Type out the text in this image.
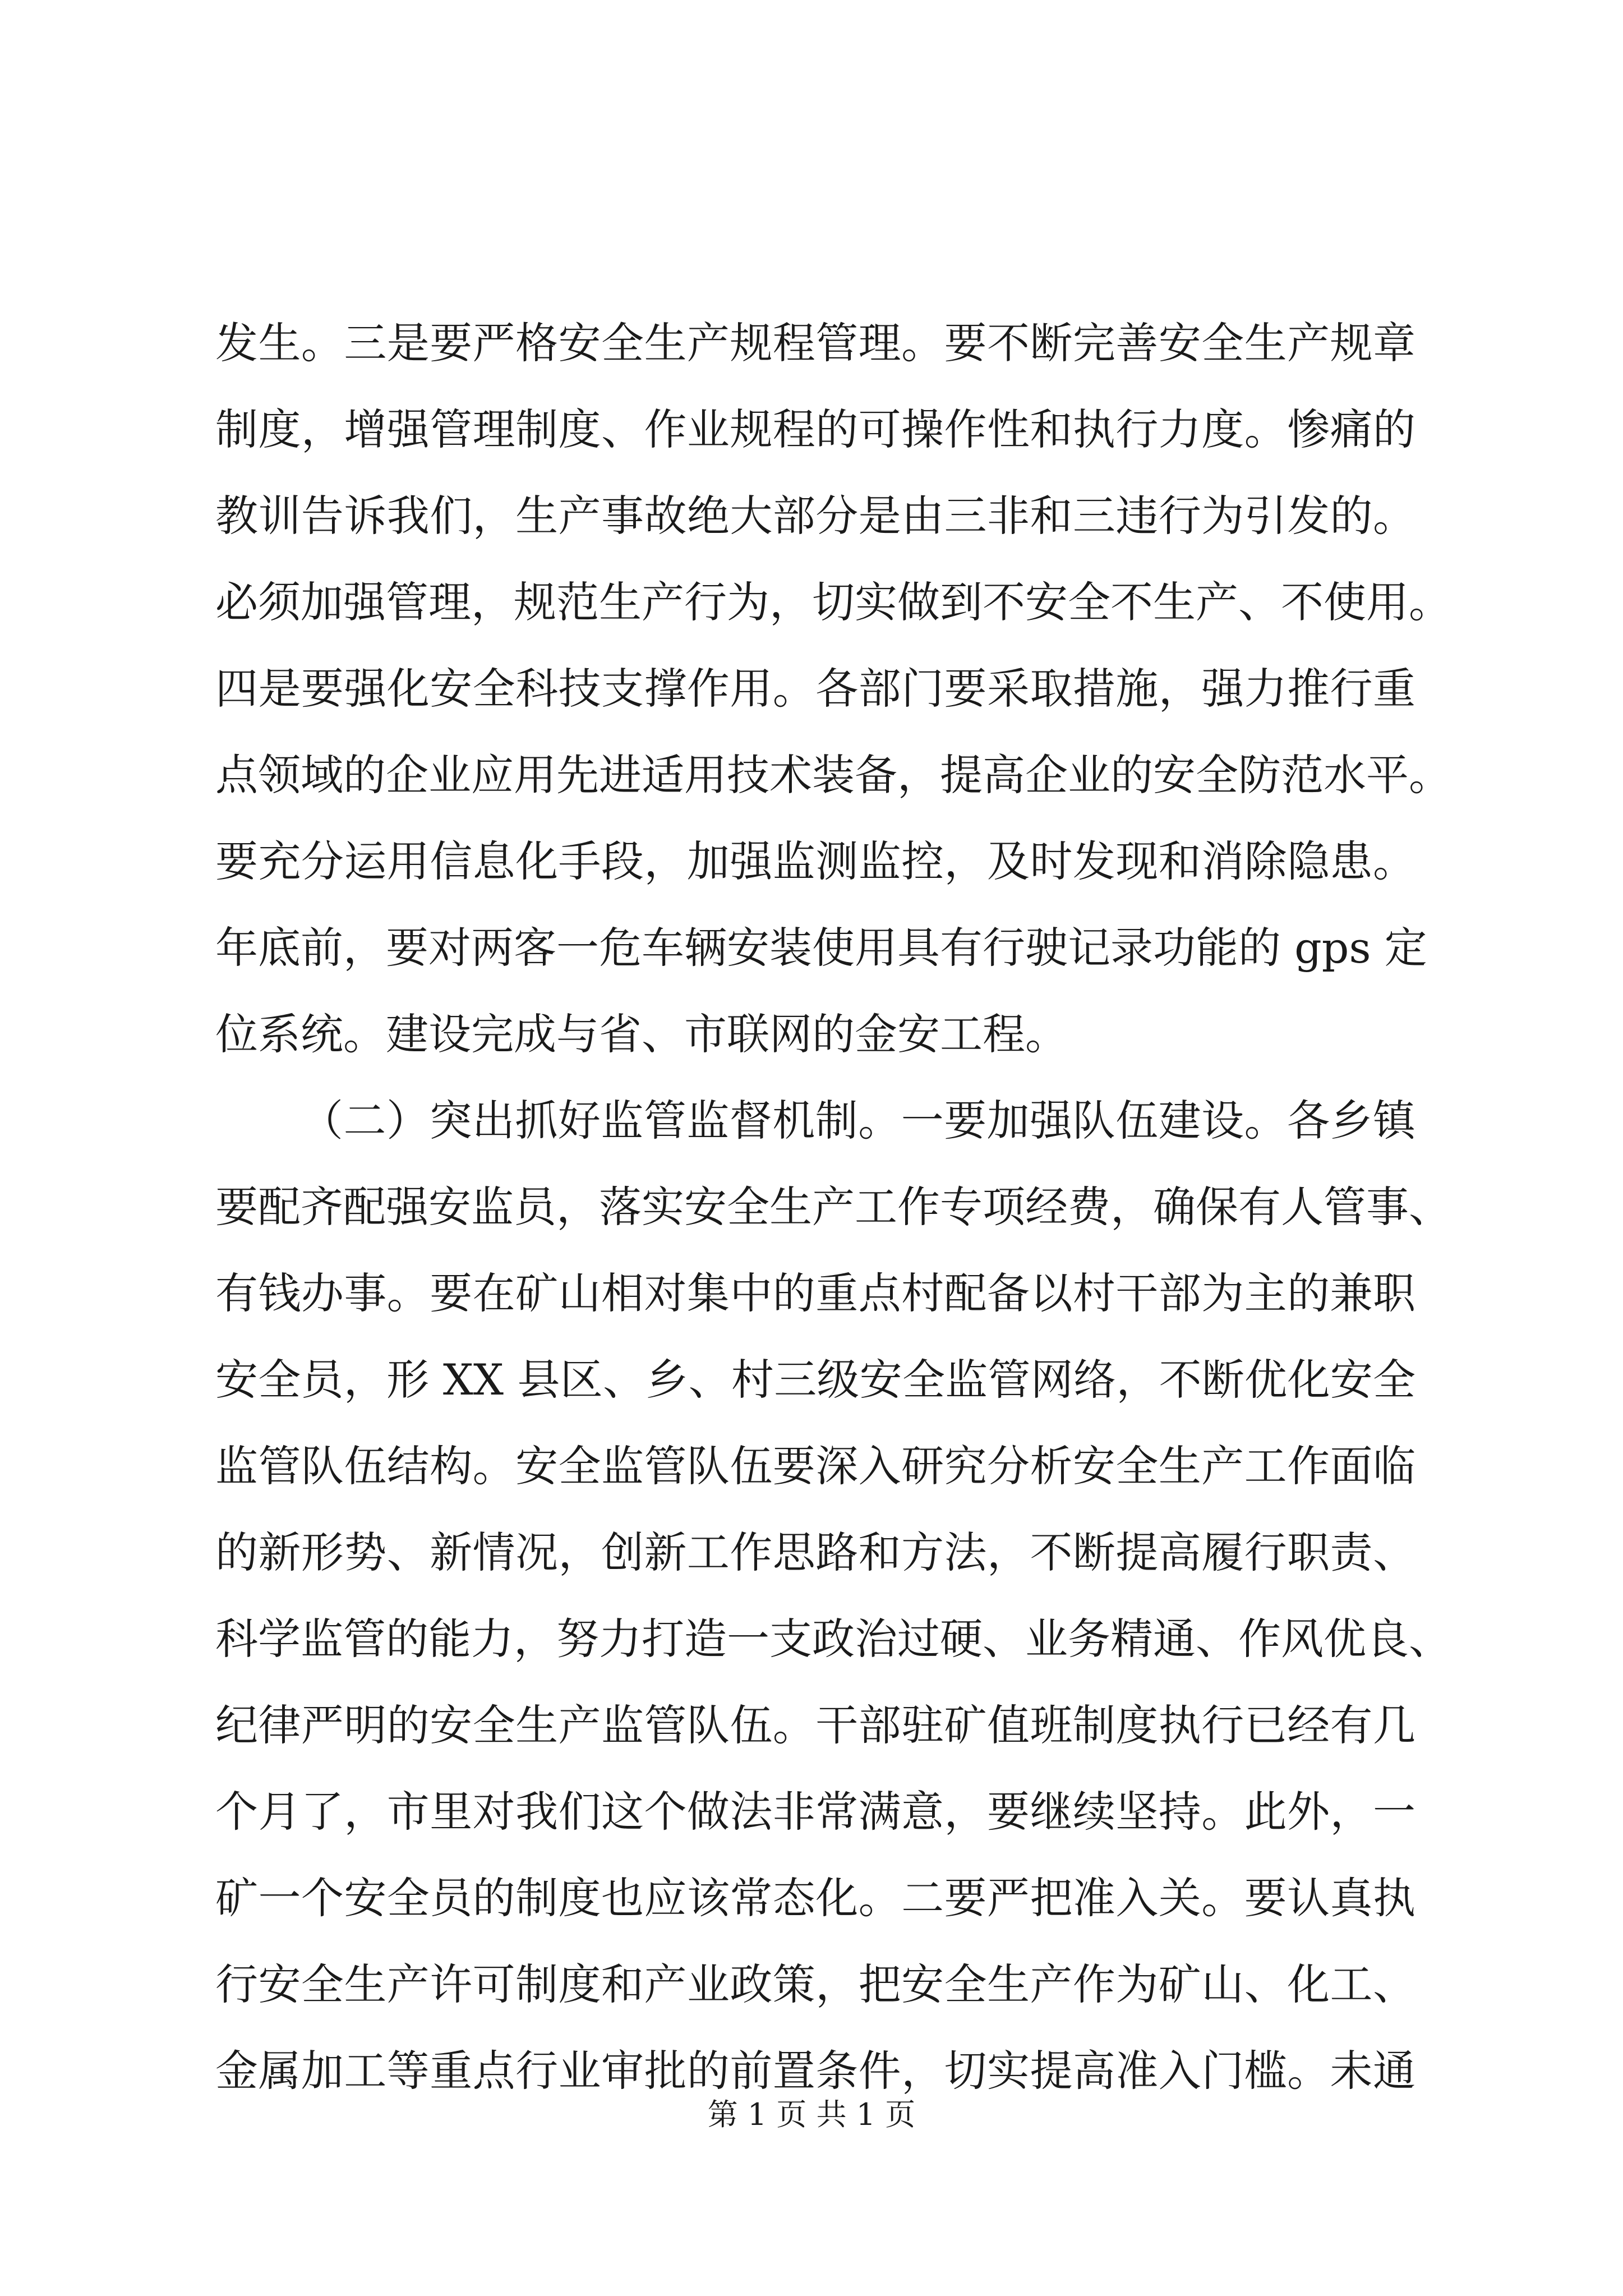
发生。三是要严格安全生产规程管理。要不断完善安全生产规章
制度，增强管理制度、作业规程的可操作性和执行力度。惨痛的
教训告诉我们，生产事故绝大部分是由三非和三违行为引发的。
必须加强管理，规范生产行为，切实做到不安全不生产、不使用。
四是要强化安全科技支撑作用。各部门要采取措施，强力推行重
点领域的企业应用先进适用技术装备，提高企业的安全防范水平。
要充分运用信息化手段，加强监测监控，及时发现和消除隐患。
年底前，要对两客一危车辆安装使用具有行驶记录功能的 gps 定
位系统。建设完成与省、市联网的金安工程。
（二）突出抓好监管监督机制。一要加强队伍建设。各乡镇
要配齐配强安监员，落实安全生产工作专项经费，确保有人管事、
有钱办事。要在矿山相对集中的重点村配备以村干部为主的兼职
安全员，形 XX 县区、乡、村三级安全监管网络，不断优化安全
监管队伍结构。安全监管队伍要深入研究分析安全生产工作面临
的新形势、新情况，创新工作思路和方法，不断提高履行职责、
科学监管的能力，努力打造一支政治过硬、业务精通、作风优良、
纪律严明的安全生产监管队伍。干部驻矿值班制度执行已经有几
个月了，市里对我们这个做法非常满意，要继续坚持。此外，一
矿一个安全员的制度也应该常态化。二要严把准入关。要认真执
行安全生产许可制度和产业政策，把安全生产作为矿山、化工、
金属加工等重点行业审批的前置条件，切实提高准入门槛。未通
第 1 页 共 1 页
